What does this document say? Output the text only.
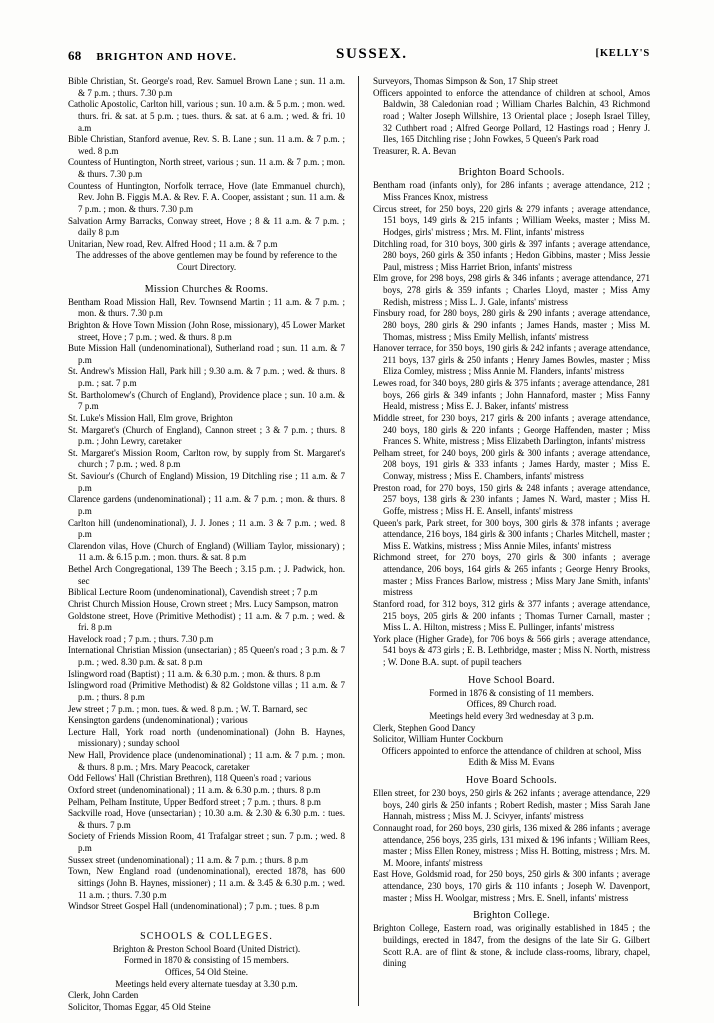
68 BRIGHTON AND HOVE.	SUSSEX.	[KELLY'S

Bible Christian, St. George's road, Rev. Samuel Brown Lane ; sun. 11 a.m. & 7 p.m. ; thurs. 7.30 p.m

Catholic Apostolic, Carlton hill, various ; sun. 10 a.m. & 5 p.m. ; mon. wed. thurs. fri. & sat. at 5 p.m. ; tues. thurs. & sat. at 6 a.m. ; wed. & fri. 10 a.m

Bible Christian, Stanford avenue, Rev. S. B. Lane ; sun. 11 a.m. & 7 p.m. ; wed. 8 p.m

Countess of Huntington, North street, various ; sun. 11 a.m. & 7 p.m. ; mon. & thurs. 7.30 p.m

Countess of Huntington, Norfolk terrace, Hove (late Emmanuel church), Rev. John B. Figgis M.A. & Rev. F. A. Cooper, assistant ; sun. 11 a.m. & 7 p.m. ; mon. & thurs. 7.30 p.m

Salvation Army Barracks, Conway street, Hove ; 8 & 11 a.m. & 7 p.m. ; daily 8 p.m

Unitarian, New road, Rev. Alfred Hood ; 11 a.m. & 7 p.m

The addresses of the above gentlemen may be found by reference to the Court Directory.

Mission Churches & Rooms.

Bentham Road Mission Hall, Rev. Townsend Martin ; 11 a.m. & 7 p.m. ; mon. & thurs. 7.30 p.m

Brighton & Hove Town Mission (John Rose, missionary), 45 Lower Market street, Hove ; 7 p.m. ; wed. & thurs. 8 p.m

Bute Mission Hall (undenominational), Sutherland road ; sun. 11 a.m. & 7 p.m

St. Andrew's Mission Hall, Park hill ; 9.30 a.m. & 7 p.m. ; wed. & thurs. 8 p.m. ; sat. 7 p.m

St. Bartholomew's (Church of England), Providence place ; sun. 10 a.m. & 7 p.m

St. Luke's Mission Hall, Elm grove, Brighton

St. Margaret's (Church of England), Cannon street ; 3 & 7 p.m. ; thurs. 8 p.m. ; John Lewry, caretaker

St. Margaret's Mission Room, Carlton row, by supply from St. Margaret's church ; 7 p.m. ; wed. 8 p.m

St. Saviour's (Church of England) Mission, 19 Ditchling rise ; 11 a.m. & 7 p.m

Clarence gardens (undenominational) ; 11 a.m. & 7 p.m. ; mon. & thurs. 8 p.m

Carlton hill (undenominational), J. J. Jones ; 11 a.m. 3 & 7 p.m. ; wed. 8 p.m

Clarendon vilas, Hove (Church of England) (William Taylor, missionary) ; 11 a.m. & 6.15 p.m. ; mon. thurs. & sat. 8 p.m

Bethel Arch Congregational, 139 The Beech ; 3.15 p.m. ; J. Padwick, hon. sec

Biblical Lecture Room (undenominational), Cavendish street ; 7 p.m

Christ Church Mission House, Crown street ; Mrs. Lucy Sampson, matron

Goldstone street, Hove (Primitive Methodist) ; 11 a.m. & 7 p.m. ; wed. & fri. 8 p.m

Havelock road ; 7 p.m. ; thurs. 7.30 p.m

International Christian Mission (unsectarian) ; 85 Queen's road ; 3 p.m. & 7 p.m. ; wed. 8.30 p.m. & sat. 8 p.m

Islingword road (Baptist) ; 11 a.m. & 6.30 p.m. ; mon. & thurs. 8 p.m

Islingword road (Primitive Methodist) & 82 Goldstone villas ; 11 a.m. & 7 p.m. ; thurs. 8 p.m

Jew street ; 7 p.m. ; mon. tues. & wed. 8 p.m. ; W. T. Barnard, sec

Kensington gardens (undenominational) ; various

Lecture Hall, York road north (undenominational) (John B. Haynes, missionary) ; sunday school

New Hall, Providence place (undenominational) ; 11 a.m. & 7 p.m. ; mon. & thurs. 8 p.m. ; Mrs. Mary Peacock, caretaker

Odd Fellows' Hall (Christian Brethren), 118 Queen's road ; various

Oxford street (undenominational) ; 11 a.m. & 6.30 p.m. ; thurs. 8 p.m

Pelham, Pelham Institute, Upper Bedford street ; 7 p.m. ; thurs. 8 p.m

Sackville road, Hove (unsectarian) ; 10.30 a.m. & 2.30 & 6.30 p.m. : tues. & thurs. 7 p.m

Society of Friends Mission Room, 41 Trafalgar street ; sun. 7 p.m. ; wed. 8 p.m

Sussex street (undenominational) ; 11 a.m. & 7 p.m. ; thurs. 8 p.m

Town, New England road (undenominational), erected 1878, has 600 sittings (John B. Haynes, missioner) ; 11 a.m. & 3.45 & 6.30 p.m. ; wed. 11 a.m. ; thurs. 7.30 p.m

Windsor Street Gospel Hall (undenominational) ; 7 p.m. ; tues. 8 p.m

SCHOOLS & COLLEGES.

Brighton & Preston School Board (United District).

Formed in 1870 & consisting of 15 members.

Offices, 54 Old Steine.

Meetings held every alternate tuesday at 3.30 p.m.

Clerk, John Carden

Solicitor, Thomas Eggar, 45 Old Steine

Surveyors, Thomas Simpson & Son, 17 Ship street

Officers appointed to enforce the attendance of children at school, Amos Baldwin, 38 Caledonian road ; William Charles Balchin, 43 Richmond road ; Walter Joseph Willshire, 13 Oriental place ; Joseph Israel Tilley, 32 Cuthbert road ; Alfred George Pollard, 12 Hastings road ; Henry J. Iles, 165 Ditchling rise ; John Fowkes, 5 Queen's Park road

Treasurer, R. A. Bevan

Brighton Board Schools.

Bentham road (infants only), for 286 infants ; average attendance, 212 ; Miss Frances Knox, mistress

Circus street, for 250 boys, 220 girls & 279 infants ; average attendance, 151 boys, 149 girls & 215 infants ; William Weeks, master ; Miss M. Hodges, girls' mistress ; Mrs. M. Flint, infants' mistress

Ditchling road, for 310 boys, 300 girls & 397 infants ; average attendance, 280 boys, 260 girls & 350 infants ; Hedon Gibbins, master ; Miss Jessie Paul, mistress ; Miss Harriet Brion, infants' mistress

Elm grove, for 298 boys, 298 girls & 346 infants ; average attendance, 271 boys, 278 girls & 359 infants ; Charles Lloyd, master ; Miss Amy Redish, mistress ; Miss L. J. Gale, infants' mistress

Finsbury road, for 280 boys, 280 girls & 290 infants ; average attendance, 280 boys, 280 girls & 290 infants ; James Hands, master ; Miss M. Thomas, mistress ; Miss Emily Mellish, infants' mistress

Hanover terrace, for 350 boys, 190 girls & 242 infants ; average attendance, 211 boys, 137 girls & 250 infants ; Henry James Bowles, master ; Miss Eliza Comley, mistress ; Miss Annie M. Flanders, infants' mistress

Lewes road, for 340 boys, 280 girls & 375 infants ; average attendance, 281 boys, 266 girls & 349 infants ; John Hannaford, master ; Miss Fanny Heald, mistress ; Miss E. J. Baker, infants' mistress

Middle street, for 230 boys, 217 girls & 200 infants ; average attendance, 240 boys, 180 girls & 220 infants ; George Haffenden, master ; Miss Frances S. White, mistress ; Miss Elizabeth Darlington, infants' mistress

Pelham street, for 240 boys, 200 girls & 300 infants ; average attendance, 208 boys, 191 girls & 333 infants ; James Hardy, master ; Miss E. Conway, mistress ; Miss E. Chambers, infants' mistress

Preston road, for 270 boys, 150 girls & 248 infants ; average attendance, 257 boys, 138 girls & 230 infants ; James N. Ward, master ; Miss H. Goffe, mistress ; Miss H. E. Ansell, infants' mistress

Queen's park, Park street, for 300 boys, 300 girls & 378 infants ; average attendance, 216 boys, 184 girls & 300 infants ; Charles Mitchell, master ; Miss E. Watkins, mistress ; Miss Annie Miles, infants' mistress

Richmond street, for 270 boys, 270 girls & 300 infants ; average attendance, 206 boys, 164 girls & 265 infants ; George Henry Brooks, master ; Miss Frances Barlow, mistress ; Miss Mary Jane Smith, infants' mistress

Stanford road, for 312 boys, 312 girls & 377 infants ; average attendance, 215 boys, 205 girls & 200 infants ; Thomas Turner Carnall, master ; Miss L. A. Hilton, mistress ; Miss E. Pullinger, infants' mistress

York place (Higher Grade), for 706 boys & 566 girls ; average attendance, 541 boys & 473 girls ; E. B. Lethbridge, master ; Miss N. North, mistress ; W. Done B.A. supt. of pupil teachers

Hove School Board.

Formed in 1876 & consisting of 11 members.

Offices, 89 Church road.

Meetings held every 3rd wednesday at 3 p.m.

Clerk, Stephen Good Dancy

Solicitor, William Hunter Cockburn

Officers appointed to enforce the attendance of children at school, Miss Edith & Miss M. Evans

Hove Board Schools.

Ellen street, for 230 boys, 250 girls & 262 infants ; average attendance, 229 boys, 240 girls & 250 infants ; Robert Redish, master ; Miss Sarah Jane Hannah, mistress ; Miss M. J. Scivyer, infants' mistress

Connaught road, for 260 boys, 230 girls, 136 mixed & 286 infants ; average attendance, 256 boys, 235 girls, 131 mixed & 196 infants ; William Rees, master ; Miss Ellen Roney, mistress ; Miss H. Botting, mistress ; Mrs. M. M. Moore, infants' mistress

East Hove, Goldsmid road, for 250 boys, 250 girls & 300 infants ; average attendance, 230 boys, 170 girls & 110 infants ; Joseph W. Davenport, master ; Miss H. Woolgar, mistress ; Mrs. E. Snell, infants' mistress

Brighton College.

Brighton College, Eastern road, was originally established in 1845 ; the buildings, erected in 1847, from the designs of the late Sir G. Gilbert Scott R.A. are of flint & stone, & include class-rooms, library, chapel, dining
